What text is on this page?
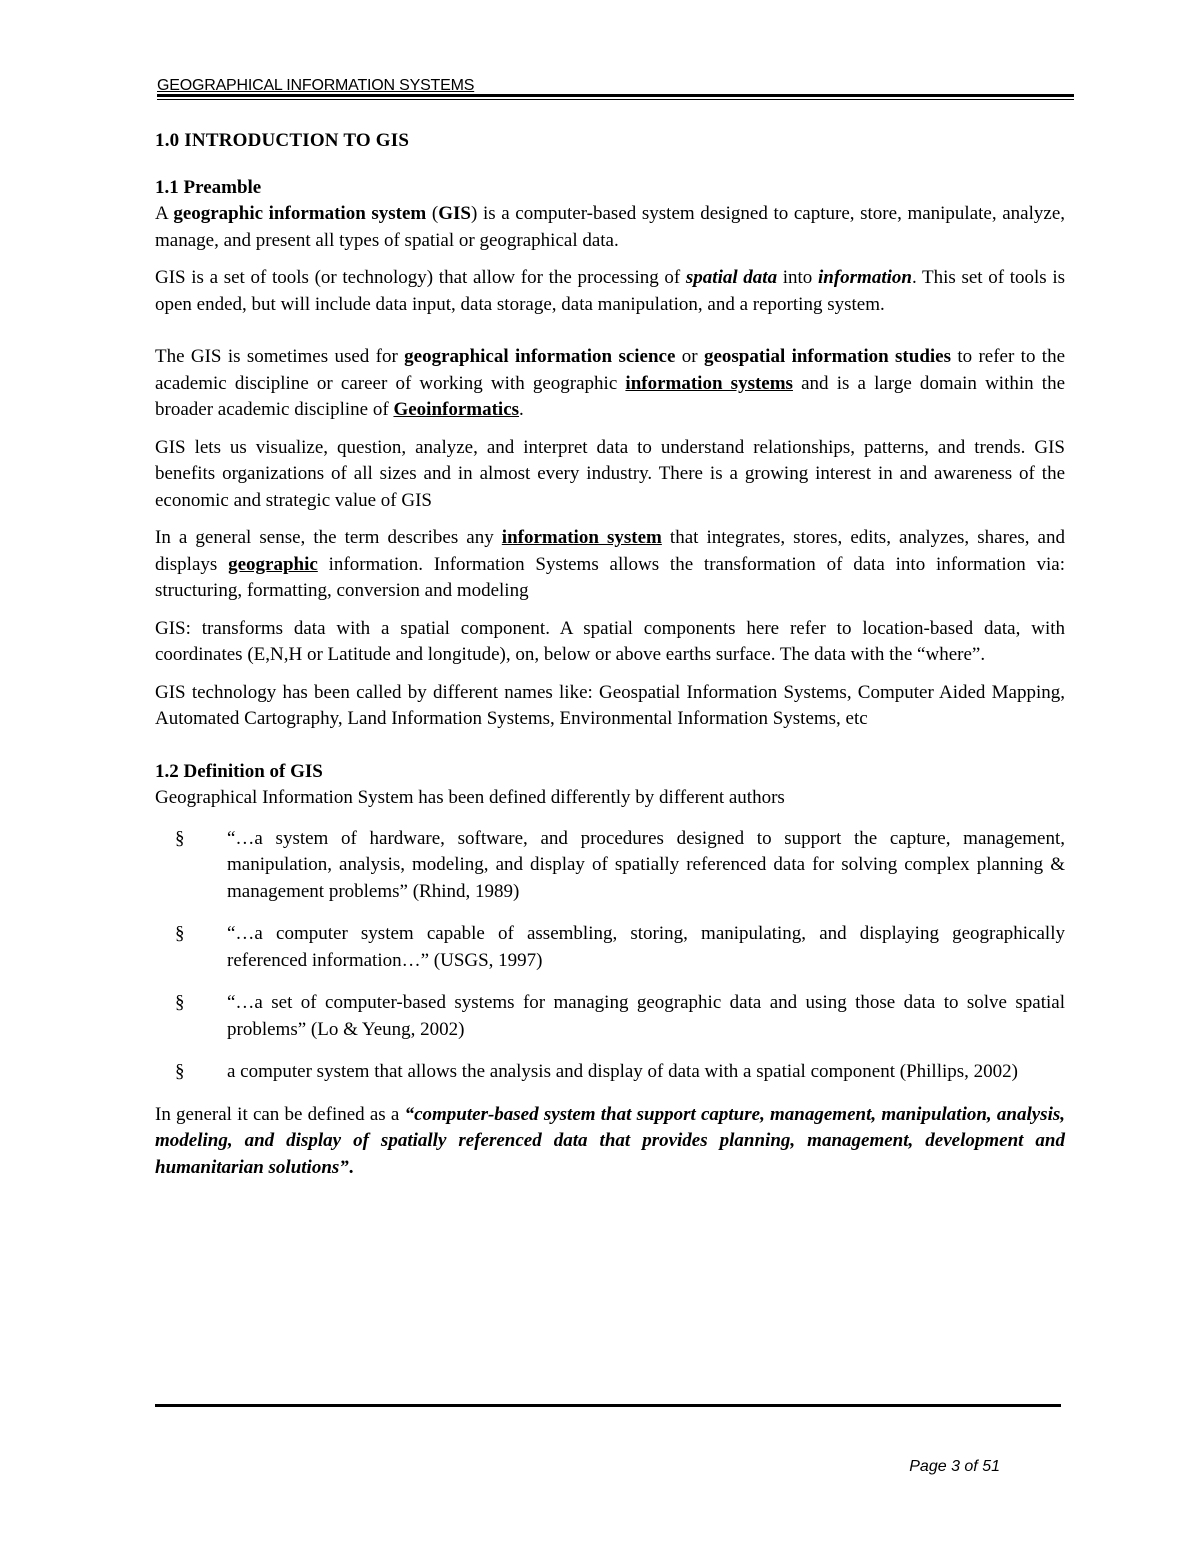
GEOGRAPHICAL INFORMATION SYSTEMS
1.0 INTRODUCTION TO GIS
1.1 Preamble

A geographic information system (GIS) is a computer-based system designed to capture, store, manipulate, analyze, manage, and present all types of spatial or geographical data.

GIS is a set of tools (or technology) that allow for the processing of spatial data into information. This set of tools is open ended, but will include data input, data storage, data manipulation, and a reporting system.

The GIS is sometimes used for geographical information science or geospatial information studies to refer to the academic discipline or career of working with geographic information systems and is a large domain within the broader academic discipline of Geoinformatics.

GIS lets us visualize, question, analyze, and interpret data to understand relationships, patterns, and trends. GIS benefits organizations of all sizes and in almost every industry. There is a growing interest in and awareness of the economic and strategic value of GIS

In a general sense, the term describes any information system that integrates, stores, edits, analyzes, shares, and displays geographic information. Information Systems allows the transformation of data into information via: structuring, formatting, conversion and modeling

GIS: transforms data with a spatial component. A spatial components here refer to location-based data, with coordinates (E,N,H or Latitude and longitude), on, below or above earths surface. The data with the “where”.

GIS technology has been called by different names like: Geospatial Information Systems, Computer Aided Mapping, Automated Cartography, Land Information Systems, Environmental Information Systems, etc

1.2 Definition of GIS

Geographical Information System has been defined differently by different authors

§	“…a system of hardware, software, and procedures designed to support the capture, management, manipulation, analysis, modeling, and display of spatially referenced data for solving complex planning & management problems” (Rhind, 1989)
§	“…a computer system capable of assembling, storing, manipulating, and displaying geographically referenced information…” (USGS, 1997)
§	“…a set of computer-based systems for managing geographic data and using those data to solve spatial problems” (Lo & Yeung, 2002)
§	a computer system that allows the analysis and display of data with a spatial component (Phillips, 2002)

In general it can be defined as a “computer-based system that support capture, management, manipulation, analysis, modeling, and display of spatially referenced data that provides planning, management, development and humanitarian solutions”.

Page 3 of 51
